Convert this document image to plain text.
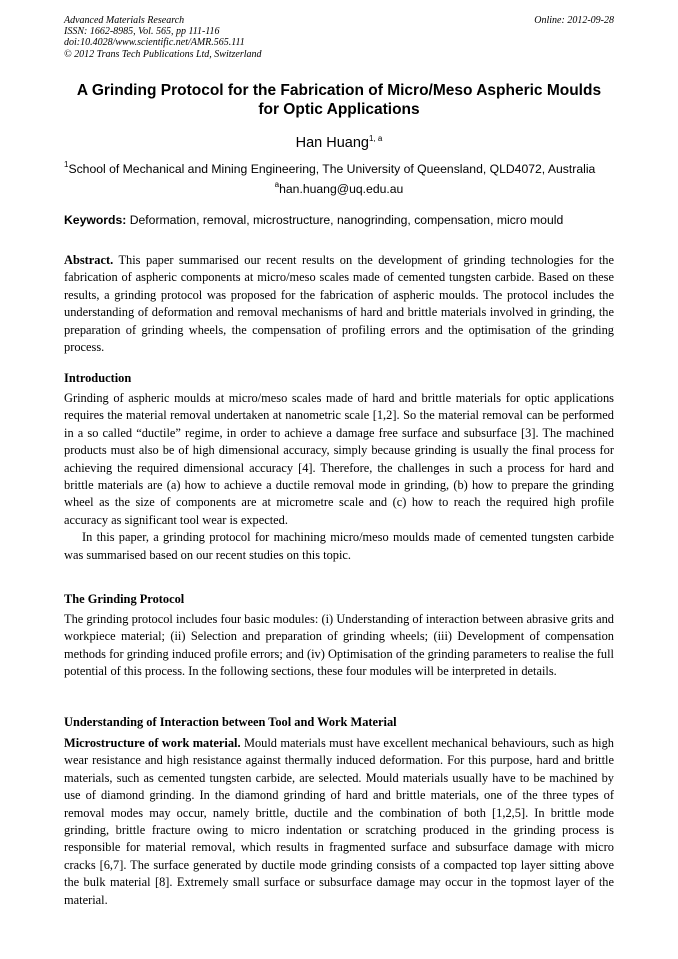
Advanced Materials Research
ISSN: 1662-8985, Vol. 565, pp 111-116
doi:10.4028/www.scientific.net/AMR.565.111
© 2012 Trans Tech Publications Ltd, Switzerland
Online: 2012-09-28
A Grinding Protocol for the Fabrication of Micro/Meso Aspheric Moulds
for Optic Applications
Han Huang$^{1, a}$
$^1$School of Mechanical and Mining Engineering, The University of Queensland, QLD4072, Australia
$^a$han.huang@uq.edu.au
Keywords: Deformation, removal, microstructure, nanogrinding, compensation, micro mould

Abstract. This paper summarised our recent results on the development of grinding technologies for the fabrication of aspheric components at micro/meso scales made of cemented tungsten carbide. Based on these results, a grinding protocol was proposed for the fabrication of aspheric moulds. The protocol includes the understanding of deformation and removal mechanisms of hard and brittle materials involved in grinding, the preparation of grinding wheels, the compensation of profiling errors and the optimisation of the grinding process.

Introduction

Grinding of aspheric moulds at micro/meso scales made of hard and brittle materials for optic applications requires the material removal undertaken at nanometric scale [1,2]. So the material removal can be performed in a so called “ductile” regime, in order to achieve a damage free surface and subsurface [3]. The machined products must also be of high dimensional accuracy, simply because grinding is usually the final process for achieving the required dimensional accuracy [4]. Therefore, the challenges in such a process for hard and brittle materials are (a) how to achieve a ductile removal mode in grinding, (b) how to prepare the grinding wheel as the size of components are at micrometre scale and (c) how to reach the required high profile accuracy as significant tool wear is expected.

In this paper, a grinding protocol for machining micro/meso moulds made of cemented tungsten carbide was summarised based on our recent studies on this topic.

The Grinding Protocol

The grinding protocol includes four basic modules: (i) Understanding of interaction between abrasive grits and workpiece material; (ii) Selection and preparation of grinding wheels; (iii) Development of compensation methods for grinding induced profile errors; and (iv) Optimisation of the grinding parameters to realise the full potential of this process. In the following sections, these four modules will be interpreted in details.

Understanding of Interaction between Tool and Work Material

Microstructure of work material. Mould materials must have excellent mechanical behaviours, such as high wear resistance and high resistance against thermally induced deformation. For this purpose, hard and brittle materials, such as cemented tungsten carbide, are selected. Mould materials usually have to be machined by use of diamond grinding. In the diamond grinding of hard and brittle materials, one of the three types of removal modes may occur, namely brittle, ductile and the combination of both [1,2,5]. In brittle mode grinding, brittle fracture owing to micro indentation or scratching produced in the grinding process is responsible for material removal, which results in fragmented surface and subsurface damage with micro cracks [6,7]. The surface generated by ductile mode grinding consists of a compacted top layer sitting above the bulk material [8]. Extremely small surface or subsurface damage may occur in the topmost layer of the material.
